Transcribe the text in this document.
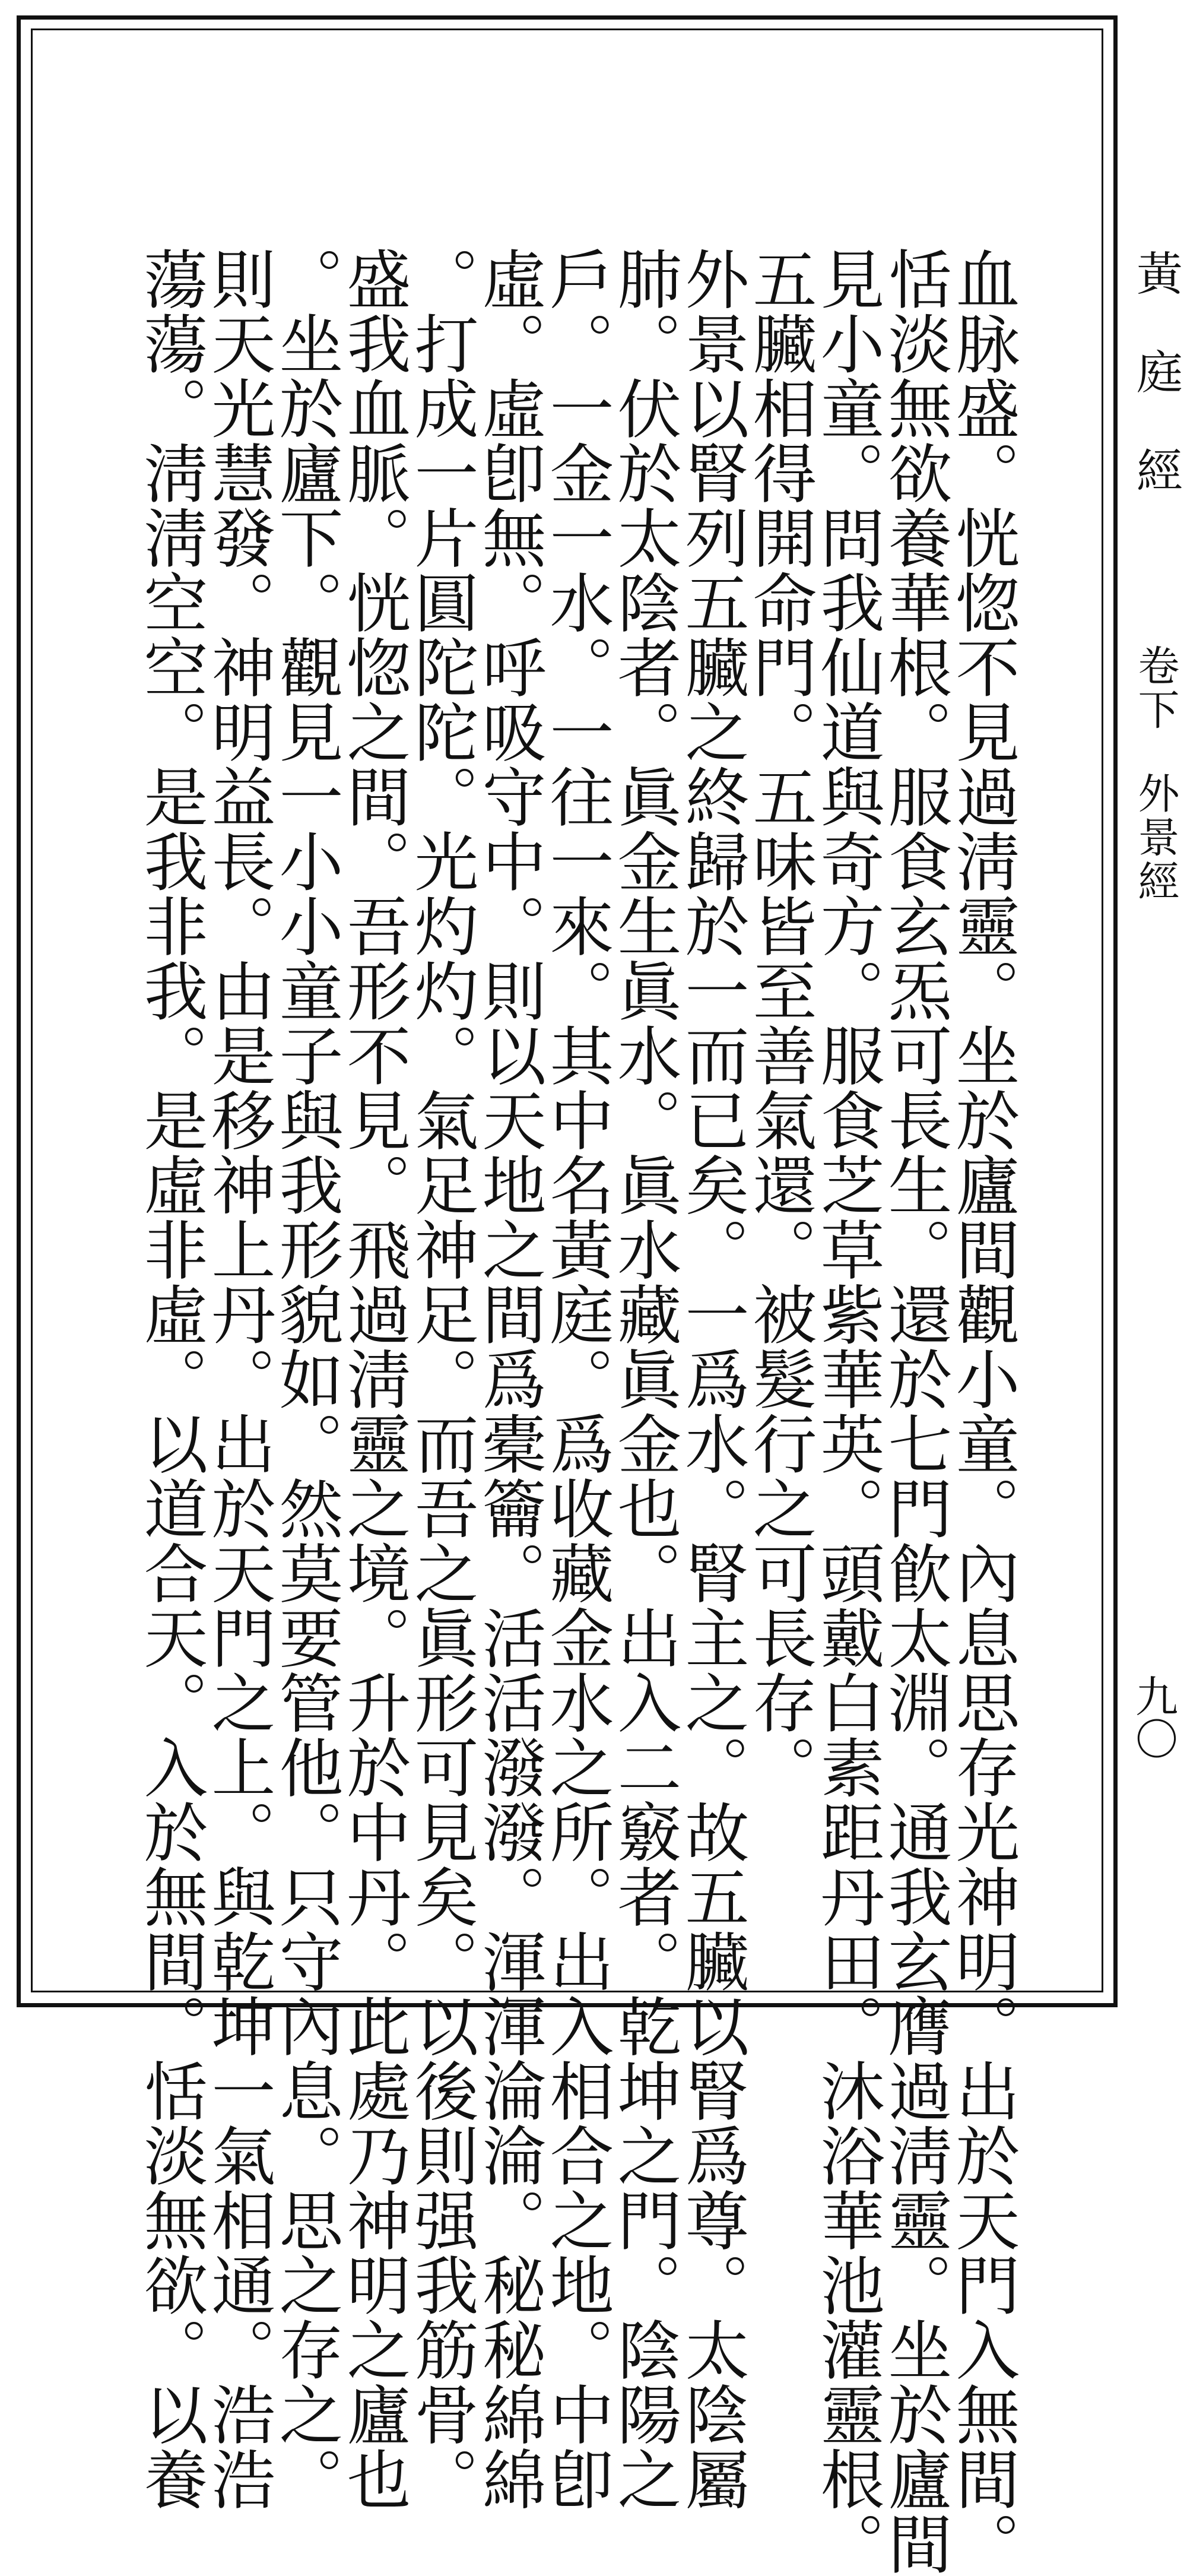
黃庭經
卷下
外景經
九〇
血脉盛。恍惚不見過淸靈。坐於廬間觀小童。內息思存光神明。出於天門入無間。
恬淡無欲養華根。服食玄炁可長生。還於七門飮太淵。通我玄膺過淸靈。坐於廬間
見小童。問我仙道與奇方。服食芝草紫華英。頭戴白素距丹田。沐浴華池灌靈根。
五臟相得開命門。五味皆至善氣還。被髮行之可長存。
外景以腎列五臟之終歸於一而已矣。一爲水。腎主之。故五臟以腎爲尊。太陰屬
肺。伏於太陰者。眞金生眞水。眞水藏眞金也。出入二竅者。乾坤之門。陰陽之
戶。一金一水。一往一來。其中名黃庭。爲收藏金水之所。出入相合之地。中卽
虛。虛卽無。呼吸守中。則以天地之間爲橐籥。活活潑潑。渾渾淪淪。秘秘綿綿
。打成一片圓陀陀。光灼灼。氣足神足。而吾之眞形可見矣。以後則强我筋骨。
盛我血脈。恍惚之間。吾形不見。飛過淸靈之境。升於中丹。此處乃神明之廬也
。坐於廬下。觀見一小小童子與我形貌如。然莫要管他。只守內息。思之存之。
則天光慧發。神明益長。由是移神上丹。出於天門之上。與乾坤一氣相通。浩浩
蕩蕩。淸淸空空。是我非我。是虛非虛。以道合天。入於無間。恬淡無欲。以養
